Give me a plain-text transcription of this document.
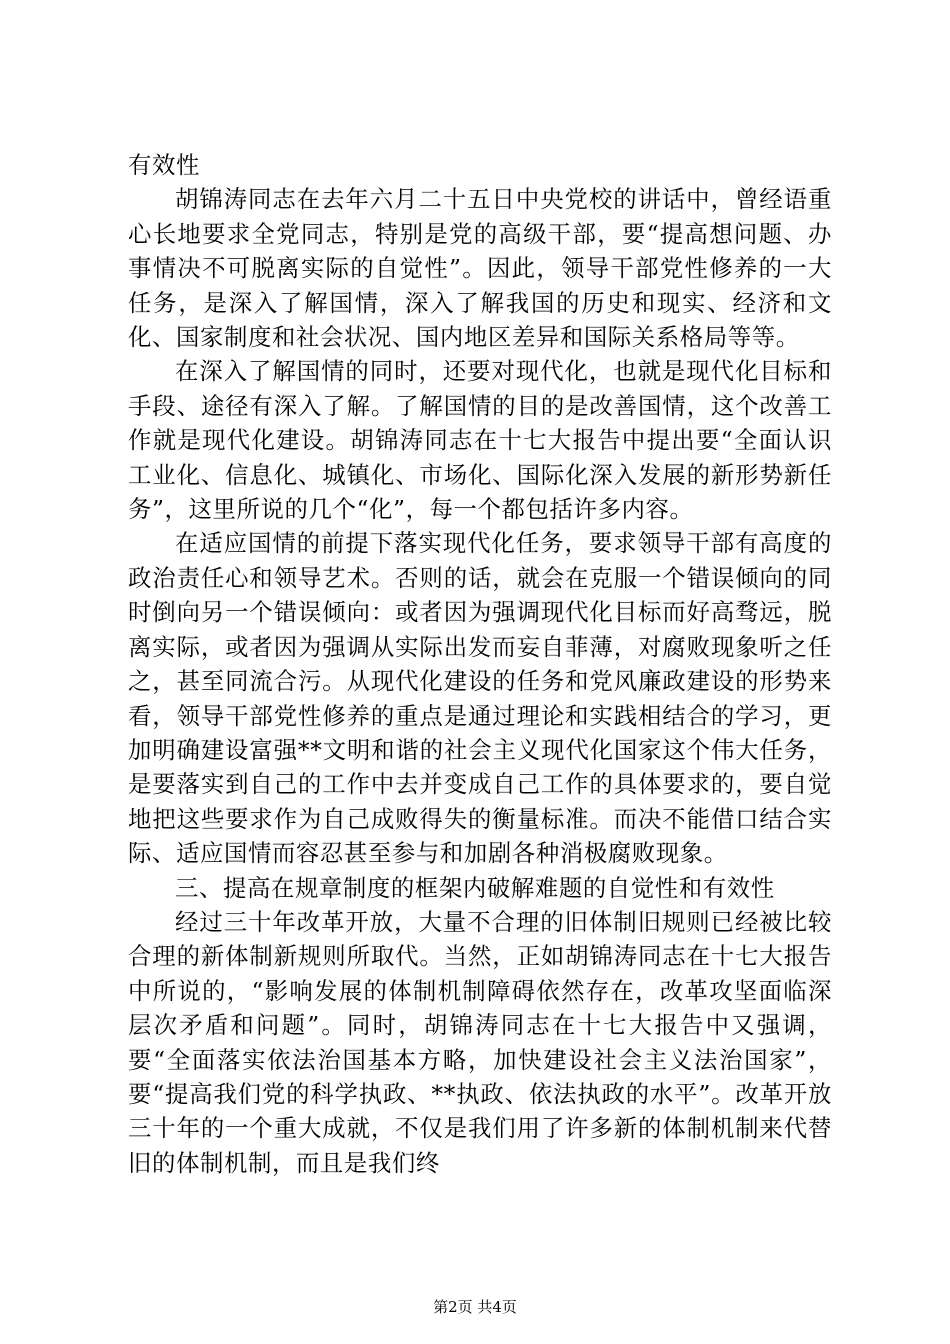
有效性

胡锦涛同志在去年六月二十五日中央党校的讲话中，曾经语重心长地要求全党同志，特别是党的高级干部，要“提高想问题、办事情决不可脱离实际的自觉性”。因此，领导干部党性修养的一大任务，是深入了解国情，深入了解我国的历史和现实、经济和文化、国家制度和社会状况、国内地区差异和国际关系格局等等。

在深入了解国情的同时，还要对现代化，也就是现代化目标和手段、途径有深入了解。了解国情的目的是改善国情，这个改善工作就是现代化建设。胡锦涛同志在十七大报告中提出要“全面认识工业化、信息化、城镇化、市场化、国际化深入发展的新形势新任务”，这里所说的几个“化”，每一个都包括许多内容。

在适应国情的前提下落实现代化任务，要求领导干部有高度的政治责任心和领导艺术。否则的话，就会在克服一个错误倾向的同时倒向另一个错误倾向：或者因为强调现代化目标而好高骛远，脱离实际，或者因为强调从实际出发而妄自菲薄，对腐败现象听之任之，甚至同流合污。从现代化建设的任务和党风廉政建设的形势来看，领导干部党性修养的重点是通过理论和实践相结合的学习，更加明确建设富强**文明和谐的社会主义现代化国家这个伟大任务，是要落实到自己的工作中去并变成自己工作的具体要求的，要自觉地把这些要求作为自己成败得失的衡量标准。而决不能借口结合实际、适应国情而容忍甚至参与和加剧各种消极腐败现象。

三、提高在规章制度的框架内破解难题的自觉性和有效性

经过三十年改革开放，大量不合理的旧体制旧规则已经被比较合理的新体制新规则所取代。当然，正如胡锦涛同志在十七大报告中所说的，“影响发展的体制机制障碍依然存在，改革攻坚面临深层次矛盾和问题”。同时，胡锦涛同志在十七大报告中又强调，要“全面落实依法治国基本方略，加快建设社会主义法治国家”，要“提高我们党的科学执政、**执政、依法执政的水平”。改革开放三十年的一个重大成就，不仅是我们用了许多新的体制机制来代替旧的体制机制，而且是我们终

第2页 共4页
